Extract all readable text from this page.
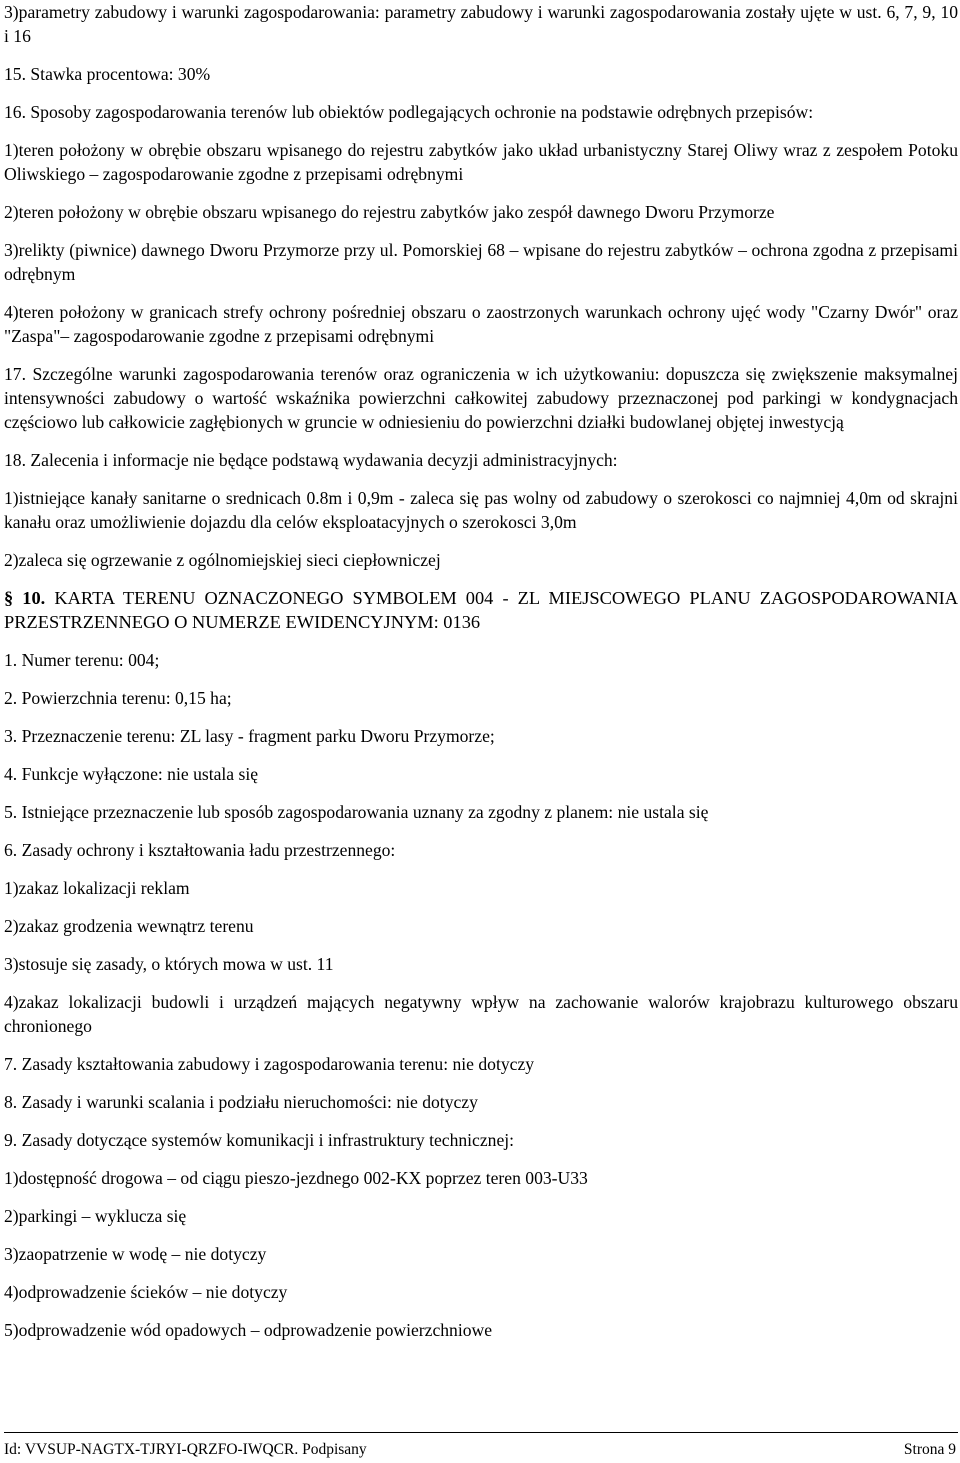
3)parametry zabudowy i warunki zagospodarowania: parametry zabudowy i warunki zagospodarowania zostały ujęte w ust. 6, 7, 9, 10 i 16

15. Stawka procentowa: 30%

16. Sposoby zagospodarowania terenów lub obiektów podlegających ochronie na podstawie odrębnych przepisów:

1)teren położony w obrębie obszaru wpisanego do rejestru zabytków jako układ urbanistyczny Starej Oliwy wraz z zespołem Potoku Oliwskiego – zagospodarowanie zgodne z przepisami odrębnymi

2)teren położony w obrębie obszaru wpisanego do rejestru zabytków jako zespół dawnego Dworu Przymorze

3)relikty (piwnice) dawnego Dworu Przymorze przy ul. Pomorskiej 68 – wpisane do rejestru zabytków – ochrona zgodna z przepisami odrębnym

4)teren położony w granicach strefy ochrony pośredniej obszaru o zaostrzonych warunkach ochrony ujęć wody "Czarny Dwór" oraz "Zaspa"– zagospodarowanie zgodne z przepisami odrębnymi

17. Szczególne warunki zagospodarowania terenów oraz ograniczenia w ich użytkowaniu: dopuszcza się zwiększenie maksymalnej intensywności zabudowy o wartość wskaźnika powierzchni całkowitej zabudowy przeznaczonej pod parkingi w kondygnacjach częściowo lub całkowicie zagłębionych w gruncie w odniesieniu do powierzchni działki budowlanej objętej inwestycją

18. Zalecenia i informacje nie będące podstawą wydawania decyzji administracyjnych:

1)istniejące kanały sanitarne o srednicach 0.8m i 0,9m - zaleca się pas wolny od zabudowy o szerokosci co najmniej 4,0m od skrajni kanału oraz umożliwienie dojazdu dla celów eksploatacyjnych o szerokosci 3,0m

2)zaleca się ogrzewanie z ogólnomiejskiej sieci ciepłowniczej

§ 10. KARTA TERENU OZNACZONEGO SYMBOLEM 004 - ZL MIEJSCOWEGO PLANU ZAGOSPODAROWANIA PRZESTRZENNEGO O NUMERZE EWIDENCYJNYM: 0136

1. Numer terenu: 004;

2. Powierzchnia terenu: 0,15 ha;

3. Przeznaczenie terenu: ZL lasy - fragment parku Dworu Przymorze;

4. Funkcje wyłączone: nie ustala się

5. Istniejące przeznaczenie lub sposób zagospodarowania uznany za zgodny z planem: nie ustala się

6. Zasady ochrony i kształtowania ładu przestrzennego:

1)zakaz lokalizacji reklam

2)zakaz grodzenia wewnątrz terenu

3)stosuje się zasady, o których mowa w ust. 11

4)zakaz lokalizacji budowli i urządzeń mających negatywny wpływ na zachowanie walorów krajobrazu kulturowego obszaru chronionego

7. Zasady kształtowania zabudowy i zagospodarowania terenu: nie dotyczy

8. Zasady i warunki scalania i podziału nieruchomości: nie dotyczy

9. Zasady dotyczące systemów komunikacji i infrastruktury technicznej:

1)dostępność drogowa – od ciągu pieszo-jezdnego 002-KX poprzez teren 003-U33

2)parkingi – wyklucza się

3)zaopatrzenie w wodę – nie dotyczy

4)odprowadzenie ścieków – nie dotyczy

5)odprowadzenie wód opadowych – odprowadzenie powierzchniowe

Id: VVSUP-NAGTX-TJRYI-QRZFO-IWQCR. Podpisany	Strona 9
